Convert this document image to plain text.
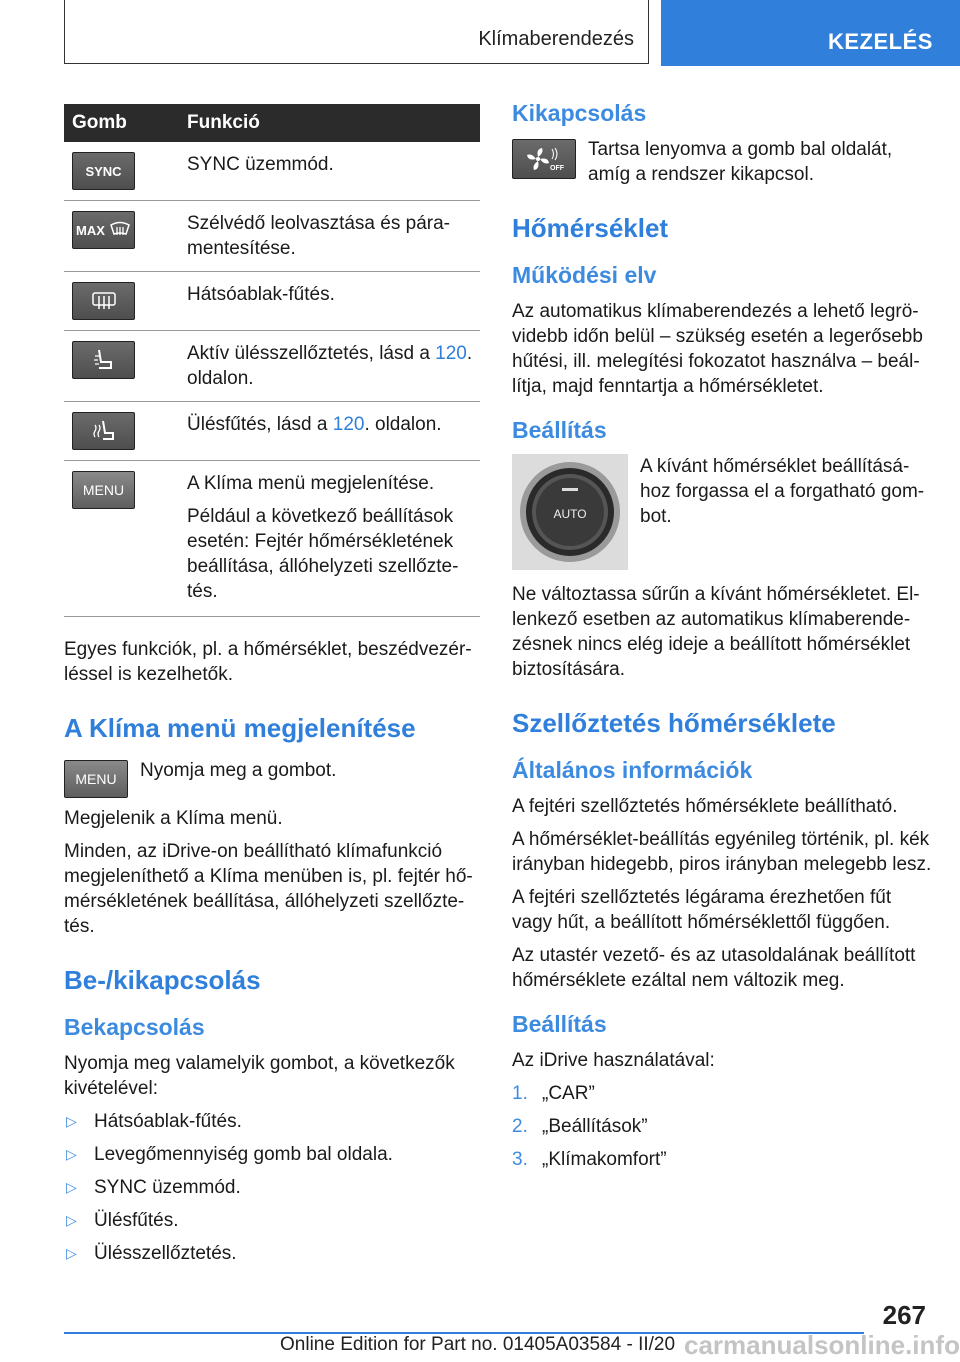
Klímaberendezés	KEZELÉS
Gomb	Funkció
SYNC	SYNC üzemmód.

MAX	Szélvédő leolvasztása és pára-mentesítése.

Hátsóablak-fűtés.

Aktív ülésszellőztetés, lásd a 120. oldalon.

Ülésfűtés, lásd a 120. oldalon.

MENU	A Klíma menü megjelenítése.

Például a következő beállítások esetén: Fejtér hőmérsékletének beállítása, állóhelyzeti szellőzte-tés.

Egyes funkciók, pl. a hőmérséklet, beszédvezér-léssel is kezelhetők.

A Klíma menü megjelenítése
MENU	Nyomja meg a gombot.

Megjelenik a Klíma menü.

Minden, az iDrive-on beállítható klímafunkció megjeleníthető a Klíma menüben is, pl. fejtér hő-mérsékletének beállítása, állóhelyzeti szellőzte-tés.

Be-/kikapcsolás
Bekapcsolás

Nyomja meg valamelyik gombot, a következők kivételével:

▷ Hátsóablak-fűtés.
▷ Levegőmennyiség gomb bal oldala.
▷ SYNC üzemmód.
▷ Ülésfűtés.
▷ Ülésszellőztetés.
Kikapcsolás
OFF
Tartsa lenyomva a gomb bal oldalát, amíg a rendszer kikapcsol.
Hőmérséklet
Működési elv

Az automatikus klímaberendezés a lehető legrö-videbb időn belül – szükség esetén a legerősebb hűtési, ill. melegítési fokozatot használva – beál-lítja, majd fenntartja a hőmérsékletet.

Beállítás
AUTO
A kívánt hőmérséklet beállításá-hoz forgassa el a forgatható gom-bot.

Ne változtassa sűrűn a kívánt hőmérsékletet. El-lenkező esetben az automatikus klímaberende-zésnek nincs elég ideje a beállított hőmérséklet biztosítására.

Szellőztetés hőmérséklete
Általános információk

A fejtéri szellőztetés hőmérséklete beállítható.

A hőmérséklet-beállítás egyénileg történik, pl. kék irányban hidegebb, piros irányban melegebb lesz.

A fejtéri szellőztetés légárama érezhetően fűt vagy hűt, a beállított hőmérséklettől függően.

Az utastér vezető- és az utasoldalának beállított hőmérséklete ezáltal nem változik meg.

Beállítás

Az iDrive használatával:

1. „CAR”
2. „Beállítások”
3. „Klímakomfort”
267
Online Edition for Part no. 01405A03584 - II/20 carmanualsonline.info
